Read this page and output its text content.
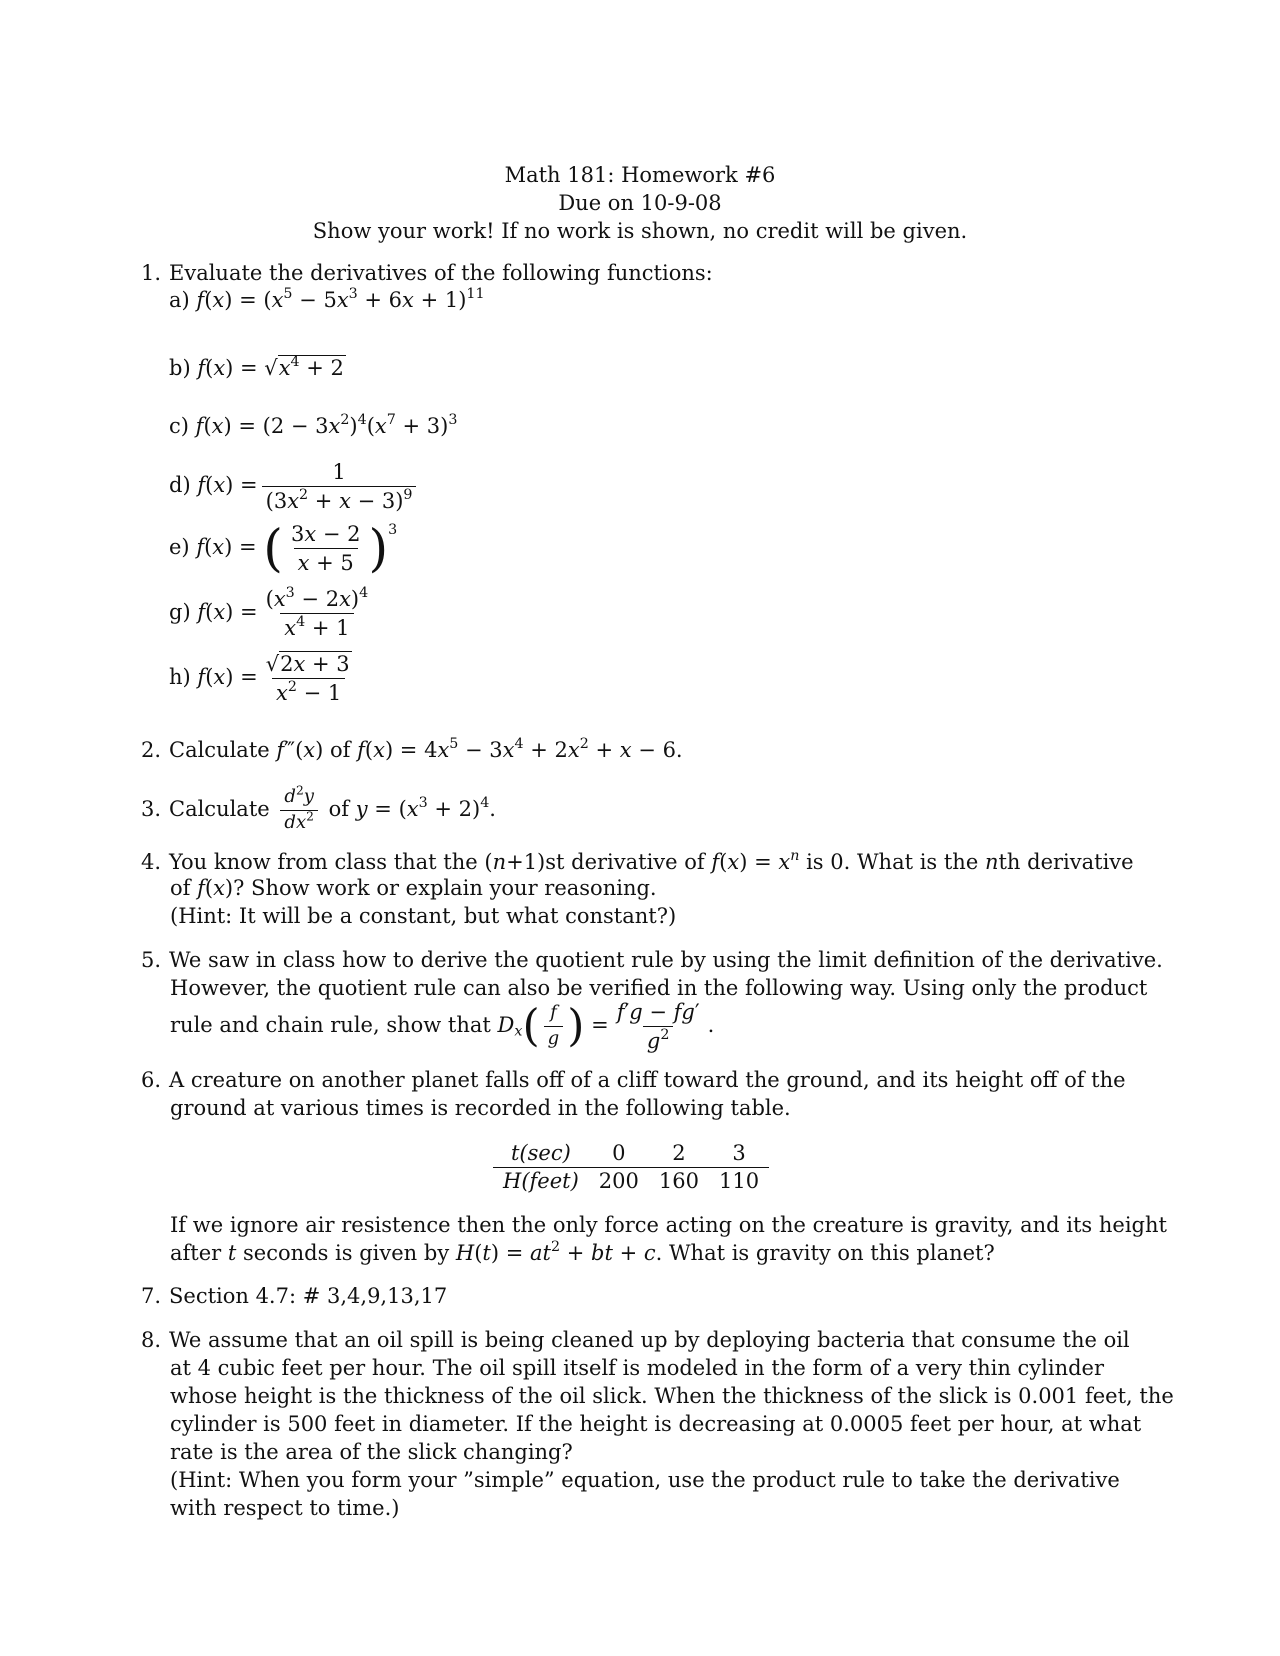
Math 181: Homework #6
Due on 10-9-08
Show your work! If no work is shown, no credit will be given.
1. Evaluate the derivatives of the following functions:
a) $f(x) = (x^5 - 5x^3 + 6x + 1)^{11}$
b) $f(x) = √x^4 + 2$
c) $f(x) = (2 - 3x^2)^4(x^7 + 3)^3$
d) $f(x) = \frac{1}{(3x^2 + x - 3)^9}$
e) f(x) = ( $\frac{3x - 2}{x + 5} )^3$
g) $f(x) = \frac{(x^3 - 2x)^4}{x^4 + 1}$
h) $f(x) = \frac{√2x + 3}{x^2 - 1}$
2. Calculate f‴(x) of $f(x) = 4x^5 - 3x^4 + 2x^2 + x - 6$.
3. Calculate $\frac{d^2y}{dx^2}$ of $y = (x^3 + 2)^4$.
4. You know from class that the (n+1)st derivative of $f(x) = x^n$ is 0. What is the nth derivative
of f(x)? Show work or explain your reasoning.
(Hint: It will be a constant, but what constant?)
5. We saw in class how to derive the quotient rule by using the limit definition of the derivative.
However, the quotient rule can also be verified in the following way. Using only the product
rule and chain rule, show that $D_x( \frac{f}{g}$ ) = $\frac{f'g - fg'}{g^2}$ .
6. A creature on another planet falls off of a cliff toward the ground, and its height off of the
ground at various times is recorded in the following table.
t(sec)	0	2	3
H(feet)	200	160	110
If we ignore air resistence then the only force acting on the creature is gravity, and its height
after t seconds is given by $H(t) = at^2$ + bt + c. What is gravity on this planet?
7. Section 4.7: # 3,4,9,13,17
8. We assume that an oil spill is being cleaned up by deploying bacteria that consume the oil
at 4 cubic feet per hour. The oil spill itself is modeled in the form of a very thin cylinder
whose height is the thickness of the oil slick. When the thickness of the slick is 0.001 feet, the
cylinder is 500 feet in diameter. If the height is decreasing at 0.0005 feet per hour, at what
rate is the area of the slick changing?
(Hint: When you form your ”simple” equation, use the product rule to take the derivative
with respect to time.)
